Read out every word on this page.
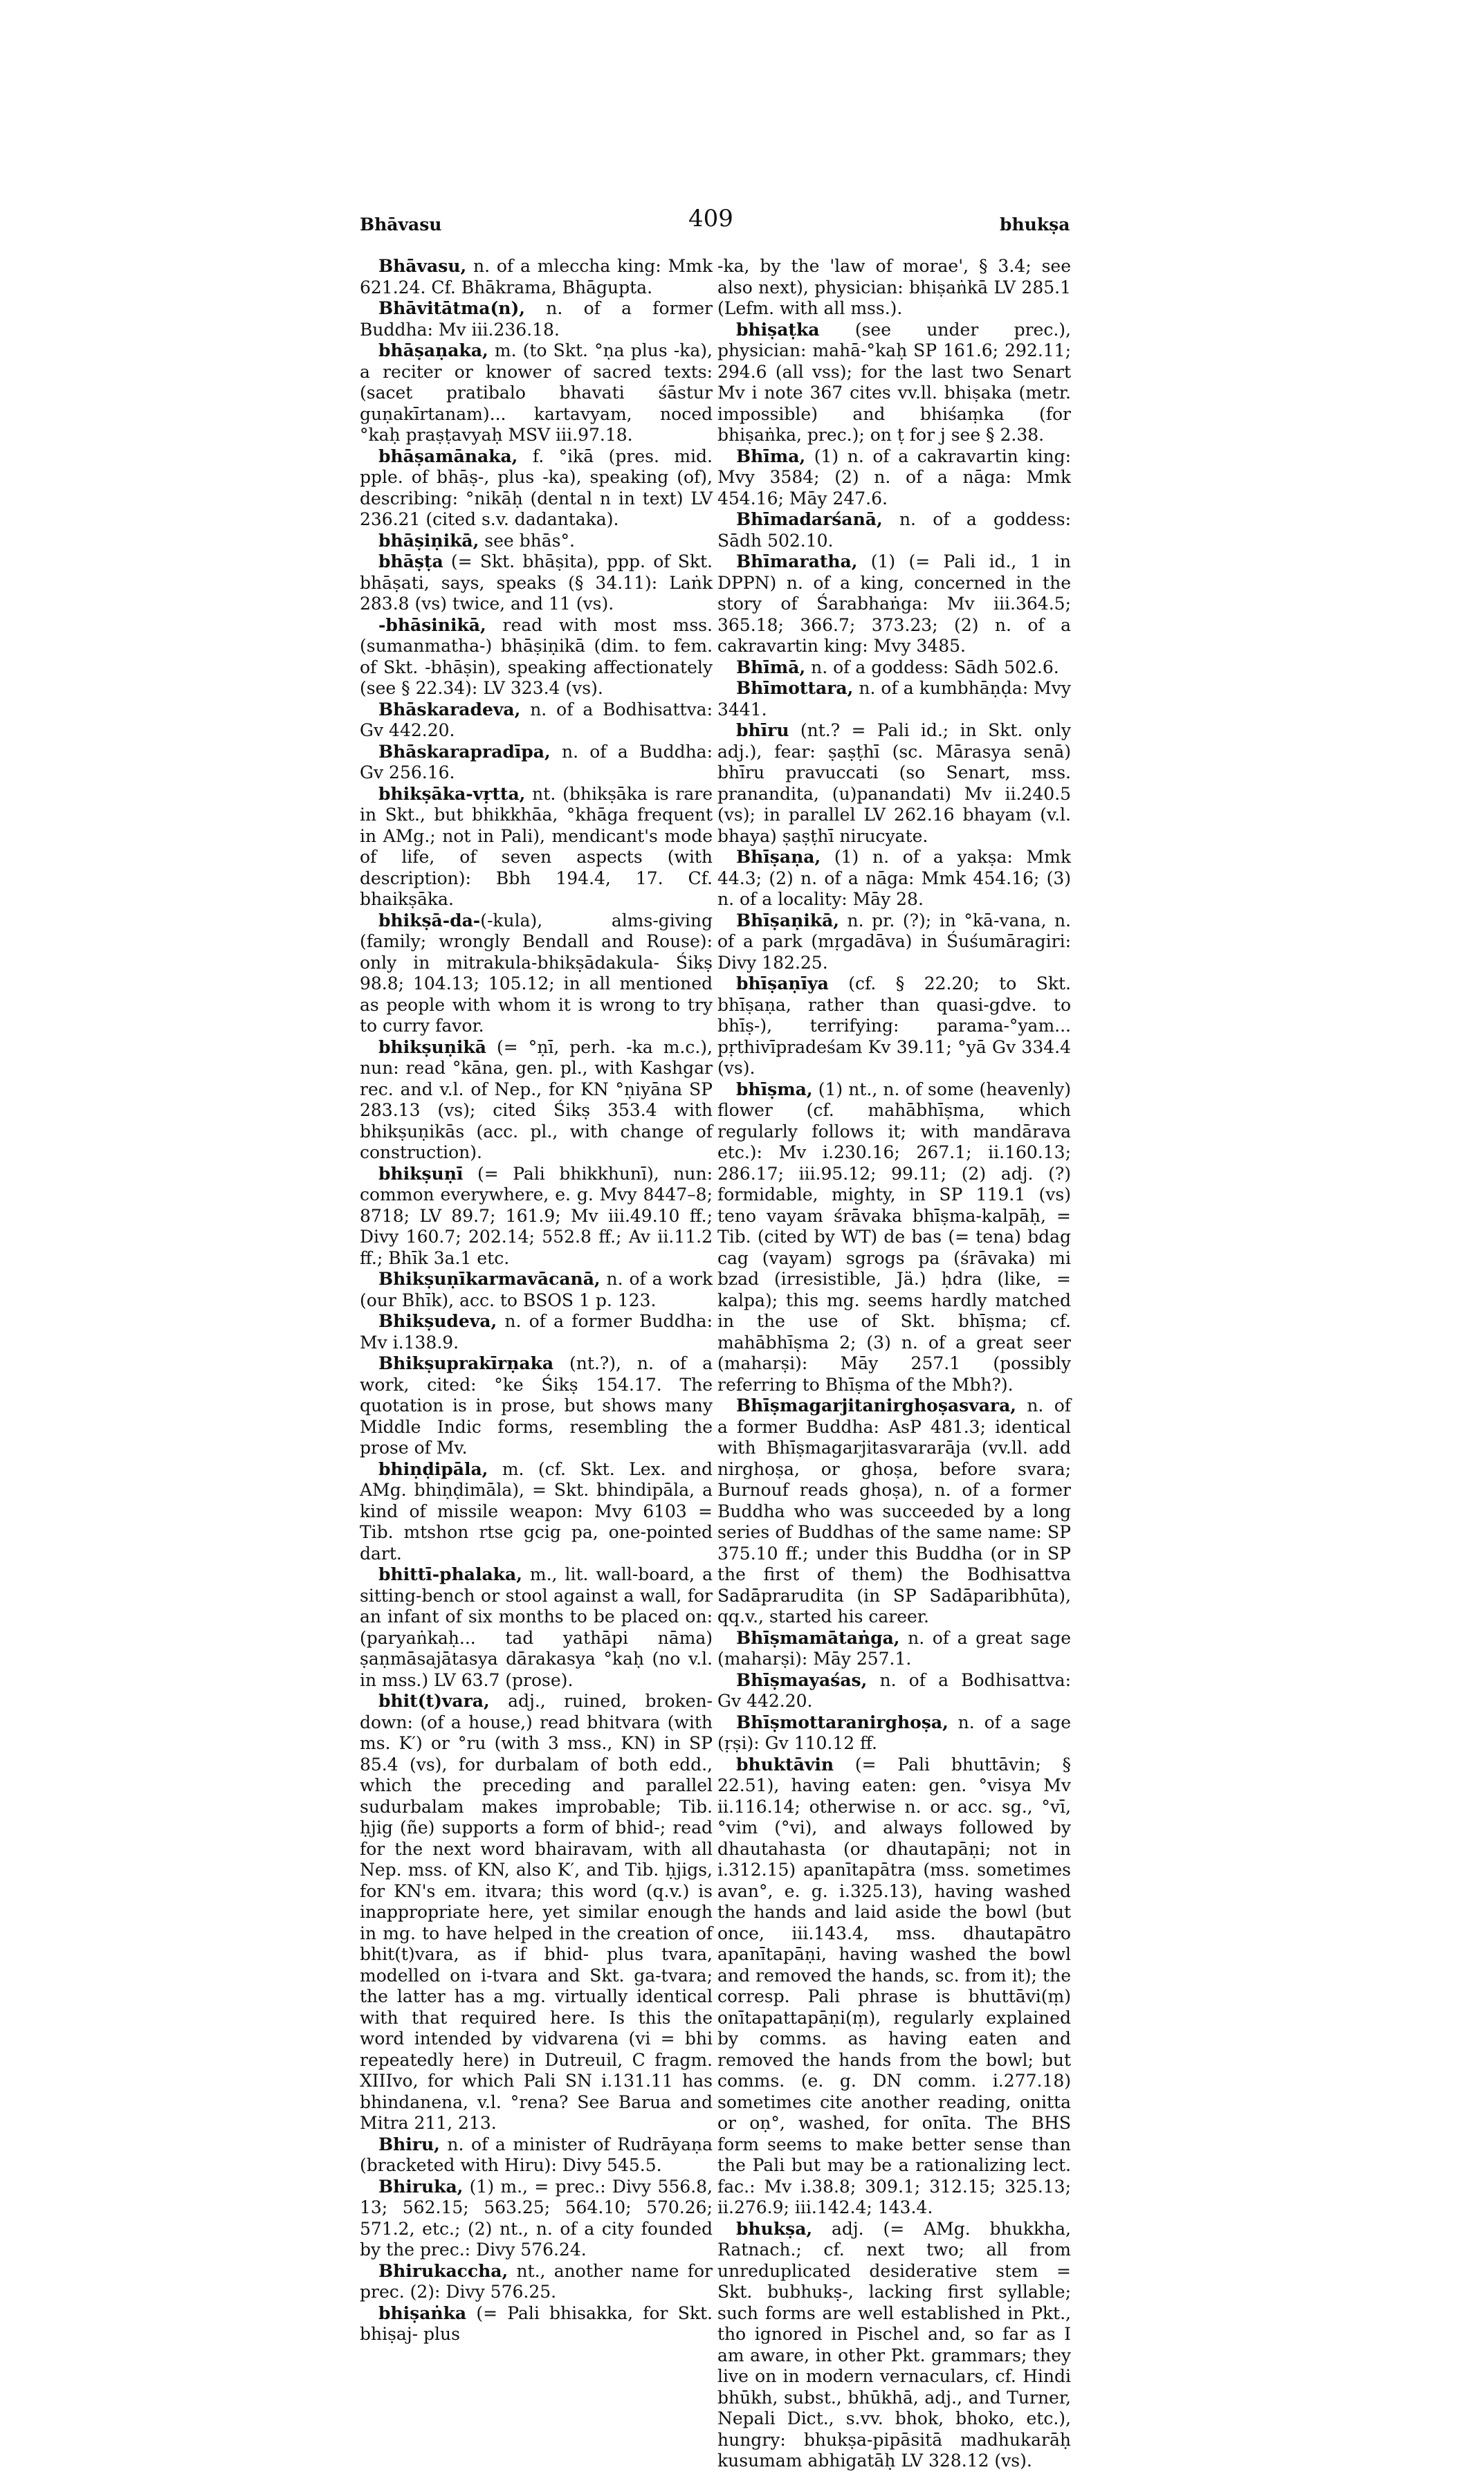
Bhāvasu	409	bhukṣa

Bhāvasu, n. of a mleccha king: Mmk 621.24. Cf. Bhākrama, Bhāgupta.

Bhāvitātma(n), n. of a former Buddha: Mv iii.236.18.

bhāṣaṇaka, m. (to Skt. °ṇa plus -ka), a reciter or knower of sacred texts: (sacet pratibalo bhavati śāstur guṇakīrtanam)... kartavyam, noced °kaḥ praṣṭavyaḥ MSV iii.97.18.

bhāṣamānaka, f. °ikā (pres. mid. pple. of bhāṣ-, plus -ka), speaking (of), describing: °nikāḥ (dental n in text) LV 236.21 (cited s.v. dadantaka).

bhāṣiṇikā, see bhās°.

bhāṣṭa (= Skt. bhāṣita), ppp. of Skt. bhāṣati, says, speaks (§ 34.11): Laṅk 283.8 (vs) twice, and 11 (vs).

-bhāsinikā, read with most mss. (sumanmatha-) bhāṣiṇikā (dim. to fem. of Skt. -bhāṣin), speaking affectionately (see § 22.34): LV 323.4 (vs).

Bhāskaradeva, n. of a Bodhisattva: Gv 442.20.

Bhāskarapradīpa, n. of a Buddha: Gv 256.16.

bhikṣāka-vṛtta, nt. (bhikṣāka is rare in Skt., but bhikkhāa, °khāga frequent in AMg.; not in Pali), mendicant's mode of life, of seven aspects (with description): Bbh 194.4, 17. Cf. bhaikṣāka.

bhikṣā-da-(-kula), alms-giving (family; wrongly Bendall and Rouse): only in mitrakula-bhikṣādakula- Śikṣ 98.8; 104.13; 105.12; in all mentioned as people with whom it is wrong to try to curry favor.

bhikṣuṇikā (= °ṇī, perh. -ka m.c.), nun: read °kāna, gen. pl., with Kashgar rec. and v.l. of Nep., for KN °ṇiyāna SP 283.13 (vs); cited Śikṣ 353.4 with bhikṣuṇikās (acc. pl., with change of construction).

bhikṣuṇī (= Pali bhikkhunī), nun: common everywhere, e. g. Mvy 8447–8; 8718; LV 89.7; 161.9; Mv iii.49.10 ff.; Divy 160.7; 202.14; 552.8 ff.; Av ii.11.2 ff.; Bhīk 3a.1 etc.

Bhikṣuṇīkarmavācanā, n. of a work (our Bhīk), acc. to BSOS 1 p. 123.

Bhikṣudeva, n. of a former Buddha: Mv i.138.9.

Bhikṣuprakīrṇaka (nt.?), n. of a work, cited: °ke Śikṣ 154.17. The quotation is in prose, but shows many Middle Indic forms, resembling the prose of Mv.

bhiṇḍipāla, m. (cf. Skt. Lex. and AMg. bhiṇḍimāla), = Skt. bhindipāla, a kind of missile weapon: Mvy 6103 = Tib. mtshon rtse gcig pa, one-pointed dart.

bhittī-phalaka, m., lit. wall-board, a sitting-bench or stool against a wall, for an infant of six months to be placed on: (paryaṅkaḥ... tad yathāpi nāma) ṣaṇmāsajātasya dārakasya °kaḥ (no v.l. in mss.) LV 63.7 (prose).

bhit(t)vara, adj., ruined, broken-down: (of a house,) read bhitvara (with ms. K′) or °ru (with 3 mss., KN) in SP 85.4 (vs), for durbalam of both edd., which the preceding and parallel sudurbalam makes improbable; Tib. ḥjig (ñe) supports a form of bhid-; read for the next word bhairavam, with all Nep. mss. of KN, also K′, and Tib. ḥjigs, for KN's em. itvara; this word (q.v.) is inappropriate here, yet similar enough in mg. to have helped in the creation of bhit(t)vara, as if bhid- plus tvara, modelled on i-tvara and Skt. ga-tvara; the latter has a mg. virtually identical with that required here. Is this the word intended by vidvarena (vi = bhi repeatedly here) in Dutreuil, C fragm. XIIIvo, for which Pali SN i.131.11 has bhindanena, v.l. °rena? See Barua and Mitra 211, 213.

Bhiru, n. of a minister of Rudrāyaṇa (bracketed with Hiru): Divy 545.5.

Bhiruka, (1) m., = prec.: Divy 556.8, 13; 562.15; 563.25; 564.10; 570.26; 571.2, etc.; (2) nt., n. of a city founded by the prec.: Divy 576.24.

Bhirukaccha, nt., another name for prec. (2): Divy 576.25.

bhiṣaṅka (= Pali bhisakka, for Skt. bhiṣaj- plus

-ka, by the 'law of morae', § 3.4; see also next), physician: bhiṣaṅkā LV 285.1 (Lefm. with all mss.).

bhiṣaṭka (see under prec.), physician: mahā-°kaḥ SP 161.6; 292.11; 294.6 (all vss); for the last two Senart Mv i note 367 cites vv.ll. bhiṣaka (metr. impossible) and bhiśaṃka (for bhiṣaṅka, prec.); on ṭ for j see § 2.38.

Bhīma, (1) n. of a cakravartin king: Mvy 3584; (2) n. of a nāga: Mmk 454.16; Māy 247.6.

Bhīmadarśanā, n. of a goddess: Sādh 502.10.

Bhīmaratha, (1) (= Pali id., 1 in DPPN) n. of a king, concerned in the story of Śarabhaṅga: Mv iii.364.5; 365.18; 366.7; 373.23; (2) n. of a cakravartin king: Mvy 3485.

Bhīmā, n. of a goddess: Sādh 502.6.

Bhīmottara, n. of a kumbhāṇḍa: Mvy 3441.

bhīru (nt.? = Pali id.; in Skt. only adj.), fear: ṣaṣṭhī (sc. Mārasya senā) bhīru pravuccati (so Senart, mss. pranandita, (u)panandati) Mv ii.240.5 (vs); in parallel LV 262.16 bhayam (v.l. bhaya) ṣaṣṭhī nirucyate.

Bhīṣaṇa, (1) n. of a yakṣa: Mmk 44.3; (2) n. of a nāga: Mmk 454.16; (3) n. of a locality: Māy 28.

Bhīṣaṇikā, n. pr. (?); in °kā-vana, n. of a park (mṛgadāva) in Śuśumāragiri: Divy 182.25.

bhīṣaṇīya (cf. § 22.20; to Skt. bhīṣaṇa, rather than quasi-gdve. to bhīṣ-), terrifying: parama-°yam... pṛthivīpradeśam Kv 39.11; °yā Gv 334.4 (vs).

bhīṣma, (1) nt., n. of some (heavenly) flower (cf. mahābhīṣma, which regularly follows it; with mandārava etc.): Mv i.230.16; 267.1; ii.160.13; 286.17; iii.95.12; 99.11; (2) adj. (?) formidable, mighty, in SP 119.1 (vs) teno vayam śrāvaka bhīṣma-kalpāḥ, = Tib. (cited by WT) de bas (= tena) bdag cag (vayam) sgrogs pa (śrāvaka) mi bzad (irresistible, Jä.) ḥdra (like, = kalpa); this mg. seems hardly matched in the use of Skt. bhīṣma; cf. mahābhīṣma 2; (3) n. of a great seer (maharṣi): Māy 257.1 (possibly referring to Bhīṣma of the Mbh?).

Bhīṣmagarjitanirghoṣasvara, n. of a former Buddha: AsP 481.3; identical with Bhīṣmagarjitasvararāja (vv.ll. add nirghoṣa, or ghoṣa, before svara; Burnouf reads ghoṣa), n. of a former Buddha who was succeeded by a long series of Buddhas of the same name: SP 375.10 ff.; under this Buddha (or in SP the first of them) the Bodhisattva Sadāprarudita (in SP Sadāparibhūta), qq.v., started his career.

Bhīṣmamātaṅga, n. of a great sage (maharṣi): Māy 257.1.

Bhīṣmayaśas, n. of a Bodhisattva: Gv 442.20.

Bhīṣmottaranirghoṣa, n. of a sage (ṛṣi): Gv 110.12 ff.

bhuktāvin (= Pali bhuttāvin; § 22.51), having eaten: gen. °visya Mv ii.116.14; otherwise n. or acc. sg., °vī, °vim (°vi), and always followed by dhautahasta (or dhautapāṇi; not in i.312.15) apanītapātra (mss. sometimes avan°, e. g. i.325.13), having washed the hands and laid aside the bowl (but once, iii.143.4, mss. dhautapātro apanītapāṇi, having washed the bowl and removed the hands, sc. from it); the corresp. Pali phrase is bhuttāvi(ṃ) onītapattapāṇi(ṃ), regularly explained by comms. as having eaten and removed the hands from the bowl; but comms. (e. g. DN comm. i.277.18) sometimes cite another reading, onitta or oṇ°, washed, for onīta. The BHS form seems to make better sense than the Pali but may be a rationalizing lect. fac.: Mv i.38.8; 309.1; 312.15; 325.13; ii.276.9; iii.142.4; 143.4.

bhukṣa, adj. (= AMg. bhukkha, Ratnach.; cf. next two; all from unreduplicated desiderative stem = Skt. bubhukṣ-, lacking first syllable; such forms are well established in Pkt., tho ignored in Pischel and, so far as I am aware, in other Pkt. grammars; they live on in modern vernaculars, cf. Hindi bhūkh, subst., bhūkhā, adj., and Turner, Nepali Dict., s.vv. bhok, bhoko, etc.), hungry: bhukṣa-pipāsitā madhukarāḥ kusumam abhigatāḥ LV 328.12 (vs).
